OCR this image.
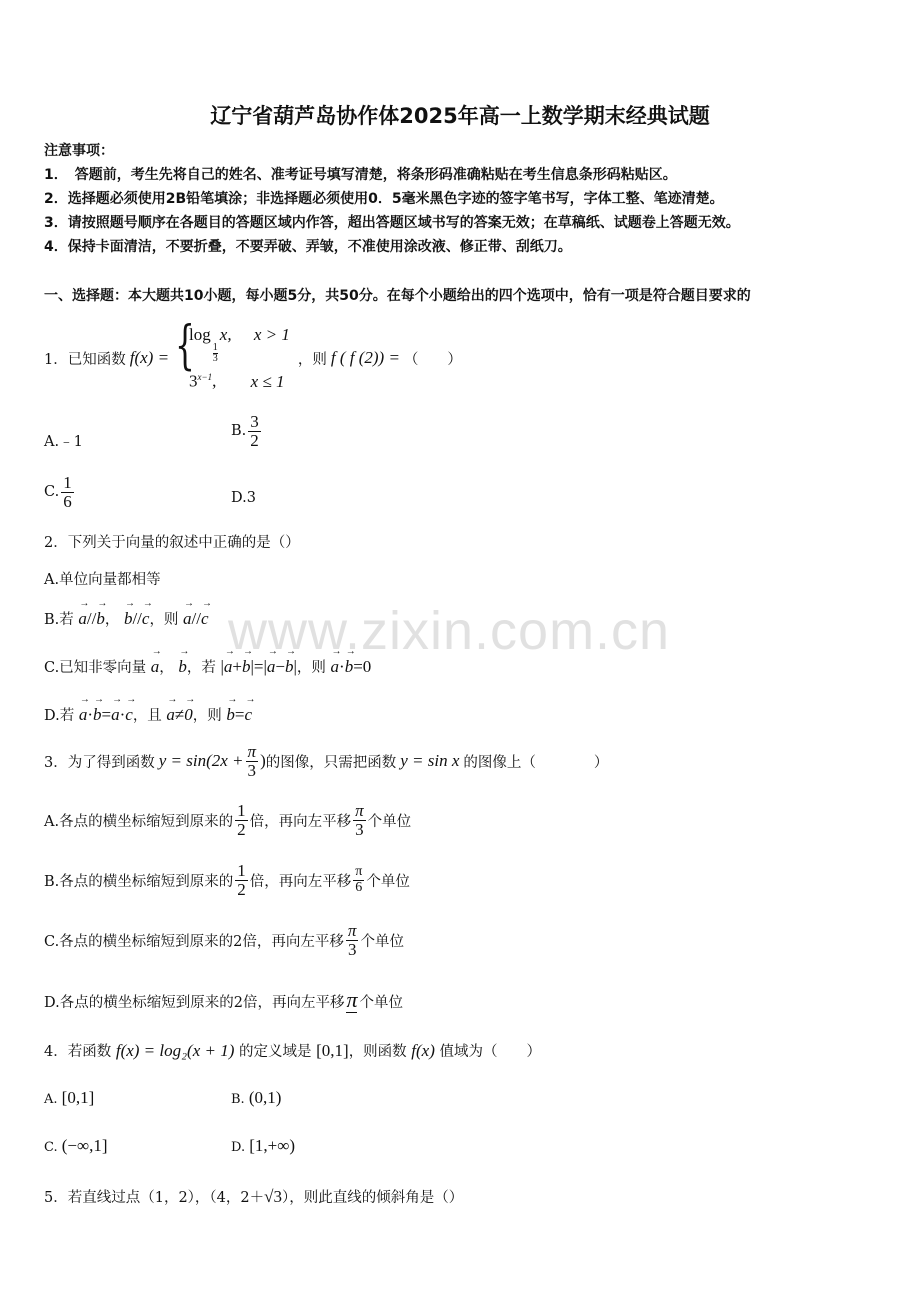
辽宁省葫芦岛协作体2025年高一上数学期末经典试题
注意事项：
1．　答题前，考生先将自己的姓名、准考证号填写清楚，将条形码准确粘贴在考生信息条形码粘贴区。
2．选择题必须使用2B铅笔填涂；非选择题必须使用0．5毫米黑色字迹的签字笔书写，字体工整、笔迹清楚。
3．请按照题号顺序在各题目的答题区域内作答，超出答题区域书写的答案无效；在草稿纸、试题卷上答题无效。
4．保持卡面清洁，不要折叠，不要弄破、弄皱，不准使用涂改液、修正带、刮纸刀。
一、选择题：本大题共10小题，每小题5分，共50分。在每个小题给出的四个选项中，恰有一项是符合题目要求的
1．已知函数 f(x) = {
log
$\frac{1}{3}$
x, x > 1
$3^{x-1}$, x ≤ 1
，则 f ( f (2)) = （　　）
A.﹣1
B. $\frac{3}{2}$
C. $\frac{1}{6}$	D.3
2．下列关于向量的叙述中正确的是（）
A.单位向量都相等
B.若 → a//→ b， → b//→ c，则 → a//→ c
C.已知非零向量 → a， → b，若 |→ a+→ b|=|→ a−→ b|，则 → a·→ b=0
D.若 → a·→ b=→ a·→ c，且 → a≠→ 0，则 → b=→ c
www.zixin.com.cn
3．为了得到函数 $y = \sin(2x + \frac{\pi}{3}$ ) 的图像，只需把函数 y = sin x 的图像上（　　　　）
A.各点的横坐标缩短到原来的 $\frac{1}{2}$ 倍，再向左平移 $\frac{\pi}{3}$ 个单位
B.各点的横坐标缩短到原来的 $\frac{1}{2}$ 倍，再向左平移 $\frac{\pi}{6}$ 个单位
C.各点的横坐标缩短到原来的2倍，再向左平移 $\frac{\pi}{3}$ 个单位
D.各点的横坐标缩短到原来的2倍，再向左平移 π 个单位
4．若函数 f(x) = log₂(x + 1) 的定义域是 [0,1]，则函数 f(x) 值域为（　　）
A. [0,1]	B. (0,1)
C. (−∞,1]	D. [1,+∞)
5．若直线过点（1，2），（4，2＋√3），则此直线的倾斜角是（）
